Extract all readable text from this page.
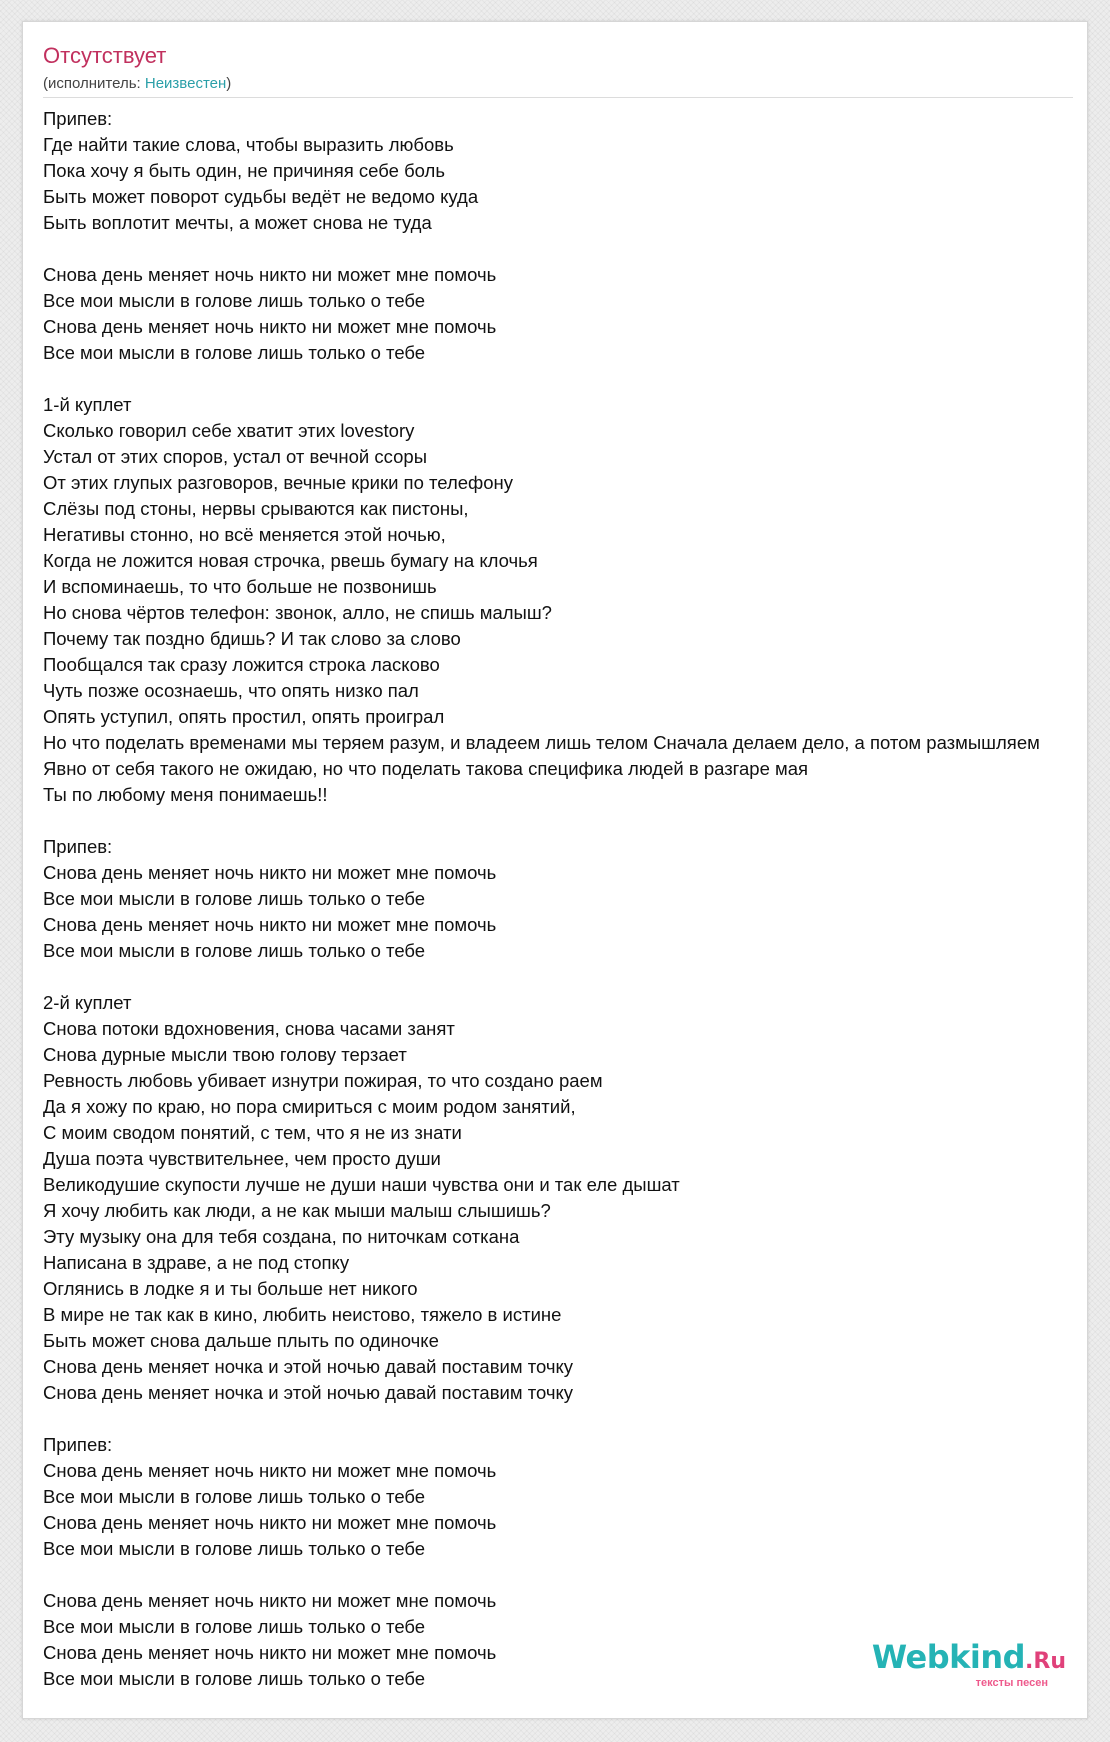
Отсутствует
(исполнитель: Неизвестен)
Припев:
Где найти такие слова, чтобы выразить любовь
Пока хочу я быть один, не причиняя себе боль
Быть может поворот судьбы ведёт не ведомо куда
Быть воплотит мечты, а может снова не туда
Снова день меняет ночь никто ни может мне помочь
Все мои мысли в голове лишь только о тебе
Снова день меняет ночь никто ни может мне помочь
Все мои мысли в голове лишь только о тебе
1-й куплет
Сколько говорил себе хватит этих lovestory
Устал от этих споров, устал от вечной ссоры
От этих глупых разговоров, вечные крики по телефону
Слёзы под стоны, нервы срываются как пистоны,
Негативы стонно, но всё меняется этой ночью,
Когда не ложится новая строчка, рвешь бумагу на клочья
И вспоминаешь, то что больше не позвонишь
Но снова чёртов телефон: звонок, алло, не спишь малыш?
Почему так поздно бдишь? И так слово за слово
Пообщался так сразу ложится строка ласково
Чуть позже осознаешь, что опять низко пал
Опять уступил, опять простил, опять проиграл
Но что поделать временами мы теряем разум, и владеем лишь телом Сначала делаем дело, а потом размышляем
Явно от себя такого не ожидаю, но что поделать такова специфика людей в разгаре мая
Ты по любому меня понимаешь!!
Припев:
Снова день меняет ночь никто ни может мне помочь
Все мои мысли в голове лишь только о тебе
Снова день меняет ночь никто ни может мне помочь
Все мои мысли в голове лишь только о тебе
2-й куплет
Снова потоки вдохновения, снова часами занят
Снова дурные мысли твою голову терзает
Ревность любовь убивает изнутри пожирая, то что создано раем
Да я хожу по краю, но пора смириться с моим родом занятий,
С моим сводом понятий, с тем, что я не из знати
Душа поэта чувствительнее, чем просто души
Великодушие скупости лучше не души наши чувства они и так еле дышат
Я хочу любить как люди, а не как мыши малыш слышишь?
Эту музыку она для тебя создана, по ниточкам соткана
Написана в здраве, а не под стопку
Оглянись в лодке я и ты больше нет никого
В мире не так как в кино, любить неистово, тяжело в истине
Быть может снова дальше плыть по одиночке
Снова день меняет ночка и этой ночью давай поставим точку
Снова день меняет ночка и этой ночью давай поставим точку
Припев:
Снова день меняет ночь никто ни может мне помочь
Все мои мысли в голове лишь только о тебе
Снова день меняет ночь никто ни может мне помочь
Все мои мысли в голове лишь только о тебе
Снова день меняет ночь никто ни может мне помочь
Все мои мысли в голове лишь только о тебе
Снова день меняет ночь никто ни может мне помочь
Все мои мысли в голове лишь только о тебе
Webkind.Ru
тексты песен
